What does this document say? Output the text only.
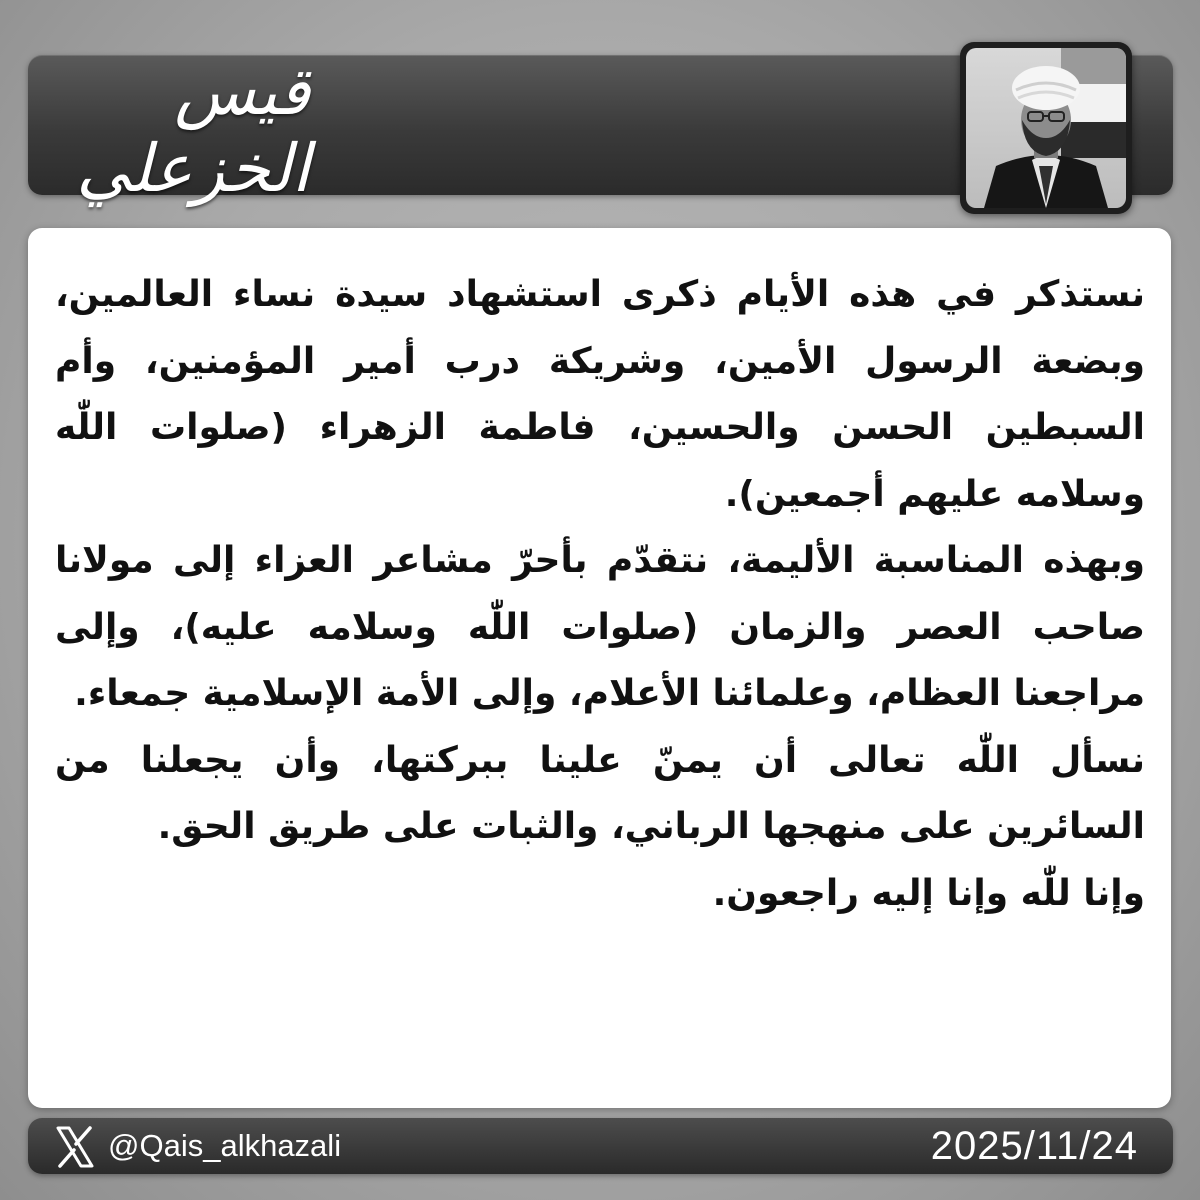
قيس الخزعلي

نستذكر في هذه الأيام ذكرى استشهاد سيدة نساء العالمين، وبضعة الرسول الأمين، وشريكة درب أمير المؤمنين، وأم السبطين الحسن والحسين، فاطمة الزهراء (صلوات اللّٰه وسلامه عليهم أجمعين).

وبهذه المناسبة الأليمة، نتقدّم بأحرّ مشاعر العزاء إلى مولانا صاحب العصر والزمان (صلوات اللّٰه وسلامه عليه)، وإلى مراجعنا العظام، وعلمائنا الأعلام، وإلى الأمة الإسلامية جمعاء.

نسأل اللّٰه تعالى أن يمنّ علينا ببركتها، وأن يجعلنا من السائرين على منهجها الرباني، والثبات على طريق الحق.

وإنا للّٰه وإنا إليه راجعون.

@Qais_alkhazali	2025/11/24
